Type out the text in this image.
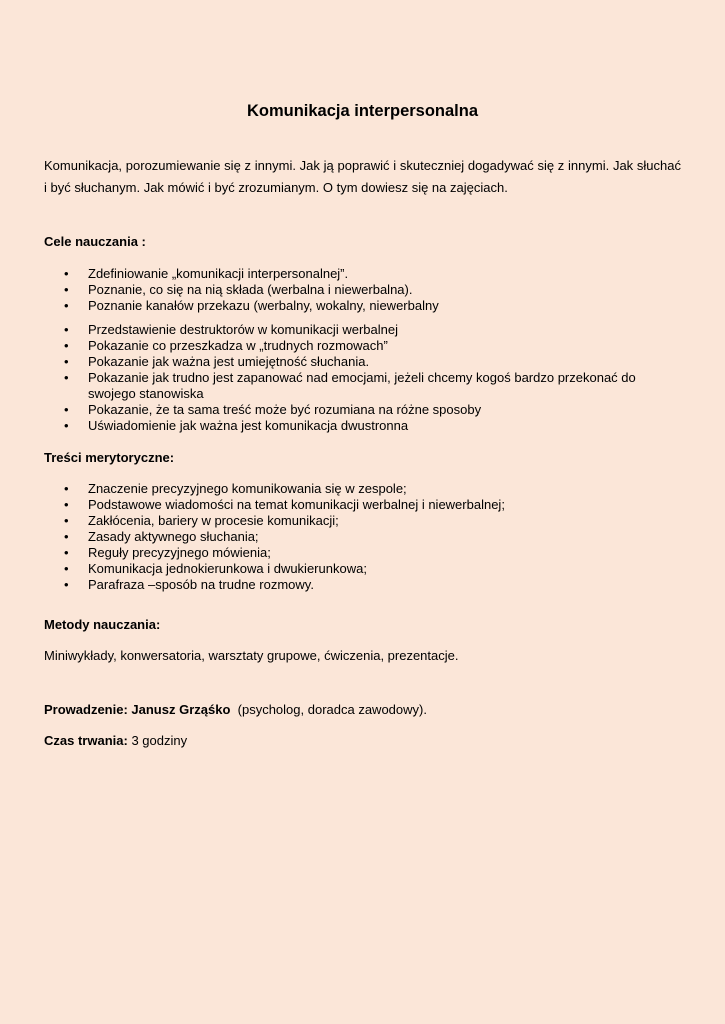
Komunikacja interpersonalna
Komunikacja, porozumiewanie się z innymi. Jak ją poprawić i skuteczniej dogadywać się z innymi. Jak słuchać i być słuchanym. Jak mówić i być zrozumianym. O tym dowiesz się na zajęciach.
Cele nauczania :
• Zdefiniowanie „komunikacji interpersonalnej”.
• Poznanie, co się na nią składa (werbalna i niewerbalna).
• Poznanie kanałów przekazu (werbalny, wokalny, niewerbalny
• Przedstawienie destruktorów w komunikacji werbalnej
• Pokazanie co przeszkadza w „trudnych rozmowach”
• Pokazanie jak ważna jest umiejętność słuchania.
• Pokazanie jak trudno jest zapanować nad emocjami, jeżeli chcemy kogoś bardzo przekonać do swojego stanowiska
• Pokazanie, że ta sama treść może być rozumiana na różne sposoby
• Uświadomienie jak ważna jest komunikacja dwustronna
Treści merytoryczne:
• Znaczenie precyzyjnego komunikowania się w zespole;
• Podstawowe wiadomości na temat komunikacji werbalnej i niewerbalnej;
• Zakłócenia, bariery w procesie komunikacji;
• Zasady aktywnego słuchania;
• Reguły precyzyjnego mówienia;
• Komunikacja jednokierunkowa i dwukierunkowa;
• Parafraza –sposób na trudne rozmowy.
Metody nauczania:
Miniwykłady, konwersatoria, warsztaty grupowe, ćwiczenia, prezentacje.
Prowadzenie: Janusz Grząśko (psycholog, doradca zawodowy).
Czas trwania: 3 godziny
